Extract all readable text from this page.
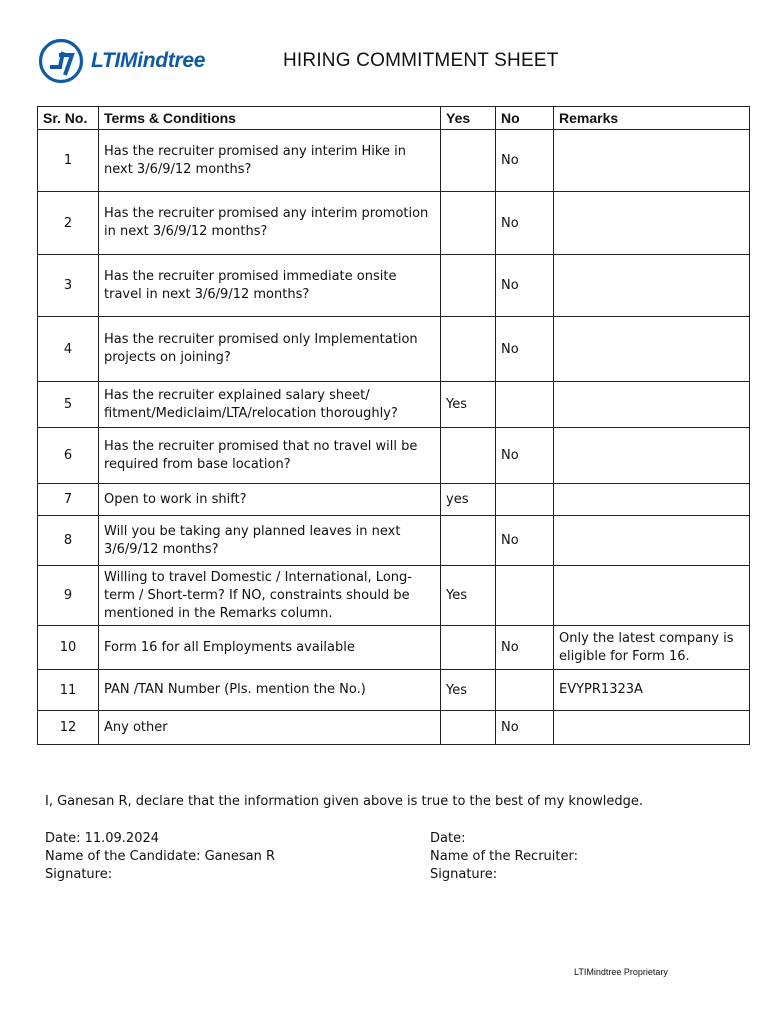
LTIMindtree	HIRING COMMITMENT SHEET
Sr. No.	Terms & Conditions	Yes	No	Remarks
1	Has the recruiter promised any interim Hike in next 3/6/9/12 months?		No	
2	Has the recruiter promised any interim promotion in next 3/6/9/12 months?		No	
3	Has the recruiter promised immediate onsite travel in next 3/6/9/12 months?		No	
4	Has the recruiter promised only Implementation projects on joining?		No	
5	Has the recruiter explained salary sheet/ fitment/Mediclaim/LTA/relocation thoroughly?	Yes		
6	Has the recruiter promised that no travel will be required from base location?		No	
7	Open to work in shift?	yes		
8	Will you be taking any planned leaves in next 3/6/9/12 months?		No	
9	Willing to travel Domestic / International, Long-term / Short-term? If NO, constraints should be mentioned in the Remarks column.	Yes		
10	Form 16 for all Employments available		No	Only the latest company is eligible for Form 16.
11	PAN /TAN Number (Pls. mention the No.)	Yes		EVYPR1323A
12	Any other		No	
I, Ganesan R, declare that the information given above is true to the best of my knowledge.
Date: 11.09.2024
Name of the Candidate: Ganesan R
Signature:
Date:
Name of the Recruiter:
Signature:
LTIMindtree Proprietary
